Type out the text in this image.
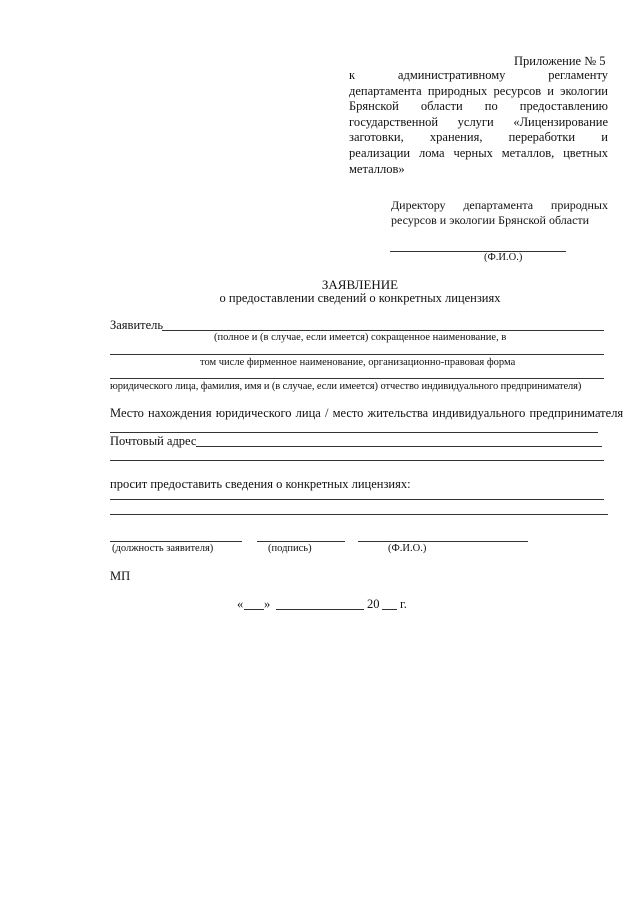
Приложение № 5
к административному регламенту
департамента природных ресурсов и экологии
Брянской области по предоставлению
государственной услуги «Лицензирование
заготовки, хранения, переработки и
реализации лома черных металлов, цветных
металлов»
Директору департамента природных
ресурсов и экологии Брянской области
(Ф.И.О.)
ЗАЯВЛЕНИЕ
о предоставлении сведений о конкретных лицензиях
Заявитель
(полное и (в случае, если имеется) сокращенное наименование, в
том числе фирменное наименование, организационно-правовая форма
юридического лица, фамилия, имя и (в случае, если имеется) отчество индивидуального предпринимателя)
Место нахождения юридического лица / место жительства индивидуального предпринимателя
Почтовый адрес
просит предоставить сведения о конкретных лицензиях:
(должность заявителя)	(подпись)	(Ф.И.О.)
МП
« »	20 г.
